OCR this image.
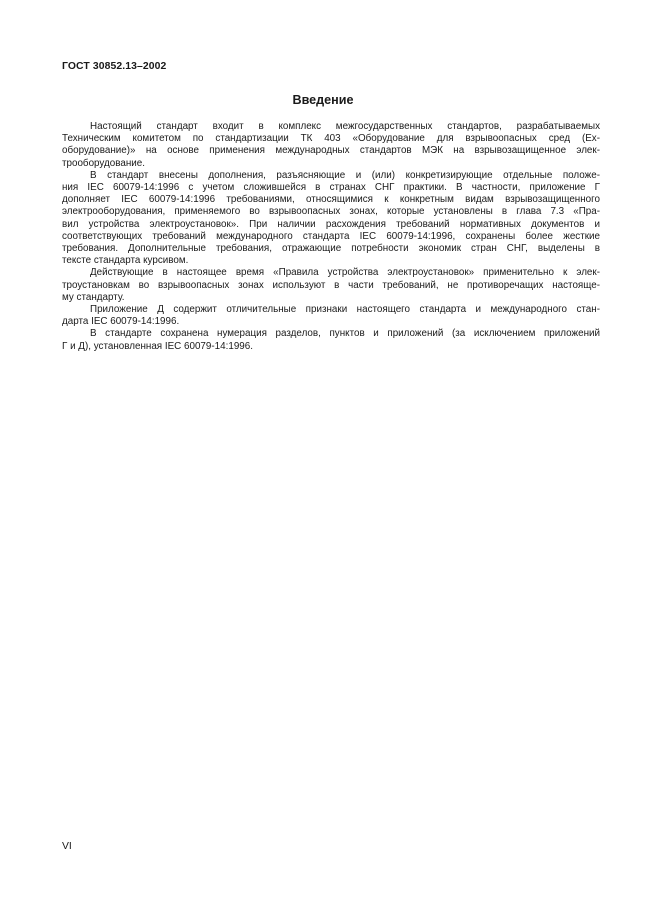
ГОСТ 30852.13–2002
Введение
Настоящий стандарт входит в комплекс межгосударственных стандартов, разрабатываемых
Техническим комитетом по стандартизации ТК 403 «Оборудование для взрывоопасных сред (Ех-
оборудование)» на основе применения международных стандартов МЭК на взрывозащищенное элек-
трооборудование.
В стандарт внесены дополнения, разъясняющие и (или) конкретизирующие отдельные положе-
ния IEC 60079-14:1996 с учетом сложившейся в странах СНГ практики. В частности, приложение Г
дополняет IEC 60079-14:1996 требованиями, относящимися к конкретным видам взрывозащищенного
электрооборудования, применяемого во взрывоопасных зонах, которые установлены в глава 7.3 «Пра-
вил устройства электроустановок». При наличии расхождения требований нормативных документов и
соответствующих требований международного стандарта IEC 60079-14:1996, сохранены более жесткие
требования. Дополнительные требования, отражающие потребности экономик стран СНГ, выделены в
тексте стандарта курсивом.
Действующие в настоящее время «Правила устройства электроустановок» применительно к элек-
троустановкам во взрывоопасных зонах используют в части требований, не противоречащих настояще-
му стандарту.
Приложение Д содержит отличительные признаки настоящего стандарта и международного стан-
дарта IEC 60079-14:1996.
В стандарте сохранена нумерация разделов, пунктов и приложений (за исключением приложений
Г и Д), установленная IEC 60079-14:1996.
VI
